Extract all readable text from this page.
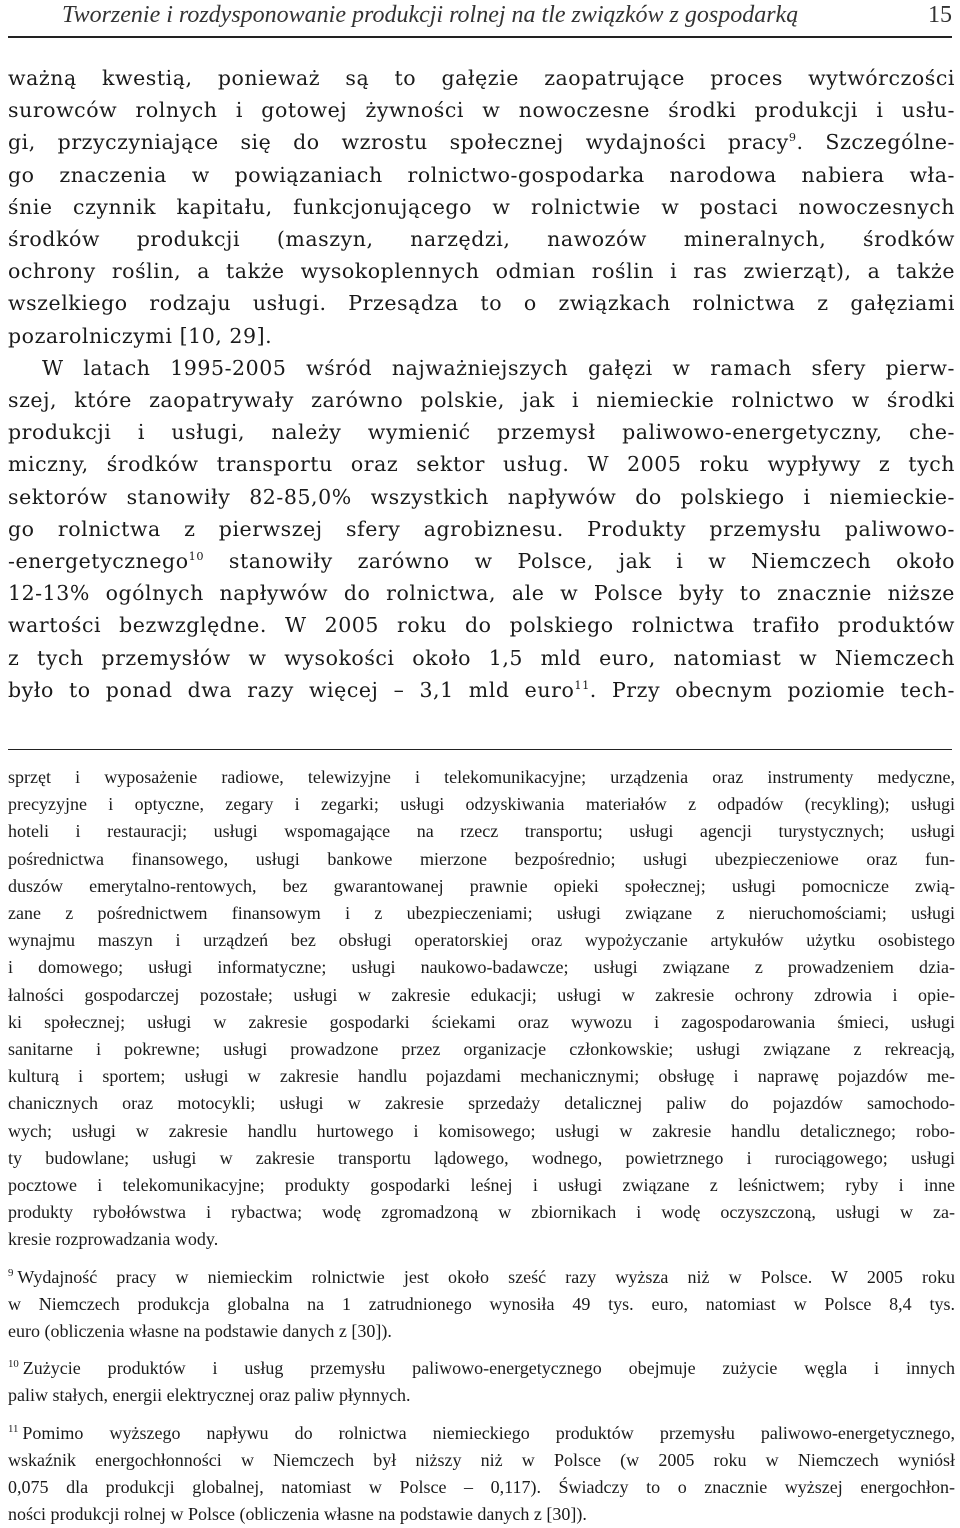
Tworzenie i rozdysponowanie produkcji rolnej na tle związków z gospodarką	15

ważną kwestią, ponieważ są to gałęzie zaopatrujące proces wytwórczości

surowców rolnych i gotowej żywności w nowoczesne środki produkcji i usłu-

gi, przyczyniające się do wzrostu społecznej wydajności pracy$^9$. Szczególne-

go znaczenia w powiązaniach rolnictwo-gospodarka narodowa nabiera wła-

śnie czynnik kapitału, funkcjonującego w rolnictwie w postaci nowoczesnych

środków produkcji (maszyn, narzędzi, nawozów mineralnych, środków

ochrony roślin, a także wysokoplennych odmian roślin i ras zwierząt), a także

wszelkiego rodzaju usługi. Przesądza to o związkach rolnictwa z gałęziami

pozarolniczymi [10, 29].

W latach 1995-2005 wśród najważniejszych gałęzi w ramach sfery pierw-

szej, które zaopatrywały zarówno polskie, jak i niemieckie rolnictwo w środki

produkcji i usługi, należy wymienić przemysł paliwowo-energetyczny, che-

miczny, środków transportu oraz sektor usług. W 2005 roku wypływy z tych

sektorów stanowiły 82-85,0% wszystkich napływów do polskiego i niemieckie-

go rolnictwa z pierwszej sfery agrobiznesu. Produkty przemysłu paliwowo-

-energetycznego$^{10}$ stanowiły zarówno w Polsce, jak i w Niemczech około

12-13% ogólnych napływów do rolnictwa, ale w Polsce były to znacznie niższe

wartości bezwzględne. W 2005 roku do polskiego rolnictwa trafiło produktów

z tych przemysłów w wysokości około 1,5 mld euro, natomiast w Niemczech

było to ponad dwa razy więcej – 3,1 mld euro$^{11}$. Przy obecnym poziomie tech-

sprzęt i wyposażenie radiowe, telewizyjne i telekomunikacyjne; urządzenia oraz instrumenty medyczne,
precyzyjne i optyczne, zegary i zegarki; usługi odzyskiwania materiałów z odpadów (recykling); usługi
hoteli i restauracji; usługi wspomagające na rzecz transportu; usługi agencji turystycznych; usługi
pośrednictwa finansowego, usługi bankowe mierzone bezpośrednio; usługi ubezpieczeniowe oraz fun-
duszów emerytalno-rentowych, bez gwarantowanej prawnie opieki społecznej; usługi pomocnicze zwią-
zane z pośrednictwem finansowym i z ubezpieczeniami; usługi związane z nieruchomościami; usługi
wynajmu maszyn i urządzeń bez obsługi operatorskiej oraz wypożyczanie artykułów użytku osobistego
i domowego; usługi informatyczne; usługi naukowo-badawcze; usługi związane z prowadzeniem dzia-
łalności gospodarczej pozostałe; usługi w zakresie edukacji; usługi w zakresie ochrony zdrowia i opie-
ki społecznej; usługi w zakresie gospodarki ściekami oraz wywozu i zagospodarowania śmieci, usługi
sanitarne i pokrewne; usługi prowadzone przez organizacje członkowskie; usługi związane z rekreacją,
kulturą i sportem; usługi w zakresie handlu pojazdami mechanicznymi; obsługę i naprawę pojazdów me-
chanicznych oraz motocykli; usługi w zakresie sprzedaży detalicznej paliw do pojazdów samochodo-
wych; usługi w zakresie handlu hurtowego i komisowego; usługi w zakresie handlu detalicznego; robo-
ty budowlane; usługi w zakresie transportu lądowego, wodnego, powietrznego i rurociągowego; usługi
pocztowe i telekomunikacyjne; produkty gospodarki leśnej i usługi związane z leśnictwem; ryby i inne
produkty rybołówstwa i rybactwa; wodę zgromadzoną w zbiornikach i wodę oczyszczoną, usługi w za-
kresie rozprowadzania wody.
$^9$ Wydajność pracy w niemieckim rolnictwie jest około sześć razy wyższa niż w Polsce. W 2005 roku
w Niemczech produkcja globalna na 1 zatrudnionego wynosiła 49 tys. euro, natomiast w Polsce 8,4 tys.
euro (obliczenia własne na podstawie danych z [30]).
$^{10}$ Zużycie produktów i usług przemysłu paliwowo-energetycznego obejmuje zużycie węgla i innych
paliw stałych, energii elektrycznej oraz paliw płynnych.
$^{11}$ Pomimo wyższego napływu do rolnictwa niemieckiego produktów przemysłu paliwowo-energetycznego,
wskaźnik energochłonności w Niemczech był niższy niż w Polsce (w 2005 roku w Niemczech wyniósł
0,075 dla produkcji globalnej, natomiast w Polsce – 0,117). Świadczy to o znacznie wyższej energochłon-
ności produkcji rolnej w Polsce (obliczenia własne na podstawie danych z [30]).
